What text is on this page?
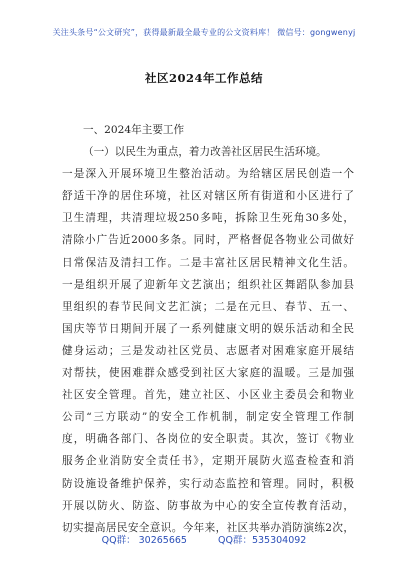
关注头条号“公文研究”，获得最新最全最专业的公文资料库！ 微信号：gongwenyj
社区2024年工作总结
一、2024年主要工作
（一）以民生为重点，着力改善社区居民生活环境。
一是深入开展环境卫生整治活动。为给辖区居民创造一个
舒适干净的居住环境，社区对辖区所有街道和小区进行了
卫生清理，共清理垃圾250多吨，拆除卫生死角30多处，
清除小广告近2000多条。同时，严格督促各物业公司做好
日常保洁及清扫工作。二是丰富社区居民精神文化生活。
一是组织开展了迎新年文艺演出；组织社区舞蹈队参加县
里组织的春节民间文艺汇演；二是在元旦、春节、五一、
国庆等节日期间开展了一系列健康文明的娱乐活动和全民
健身运动；三是发动社区党员、志愿者对困难家庭开展结
对帮扶，使困难群众感受到社区大家庭的温暖。三是加强
社区安全管理。首先，建立社区、小区业主委员会和物业
公司“三方联动”的安全工作机制，制定安全管理工作制
度，明确各部门、各岗位的安全职责。其次，签订《物业
服务企业消防安全责任书》，定期开展防火巡查检查和消
防设施设备维护保养，实行动态监控和管理。同时，积极
开展以防火、防盗、防事故为中心的安全宣传教育活动，
切实提高居民安全意识。今年来，社区共举办消防演练2次，
QQ群： 30265665	QQ群：535304092
